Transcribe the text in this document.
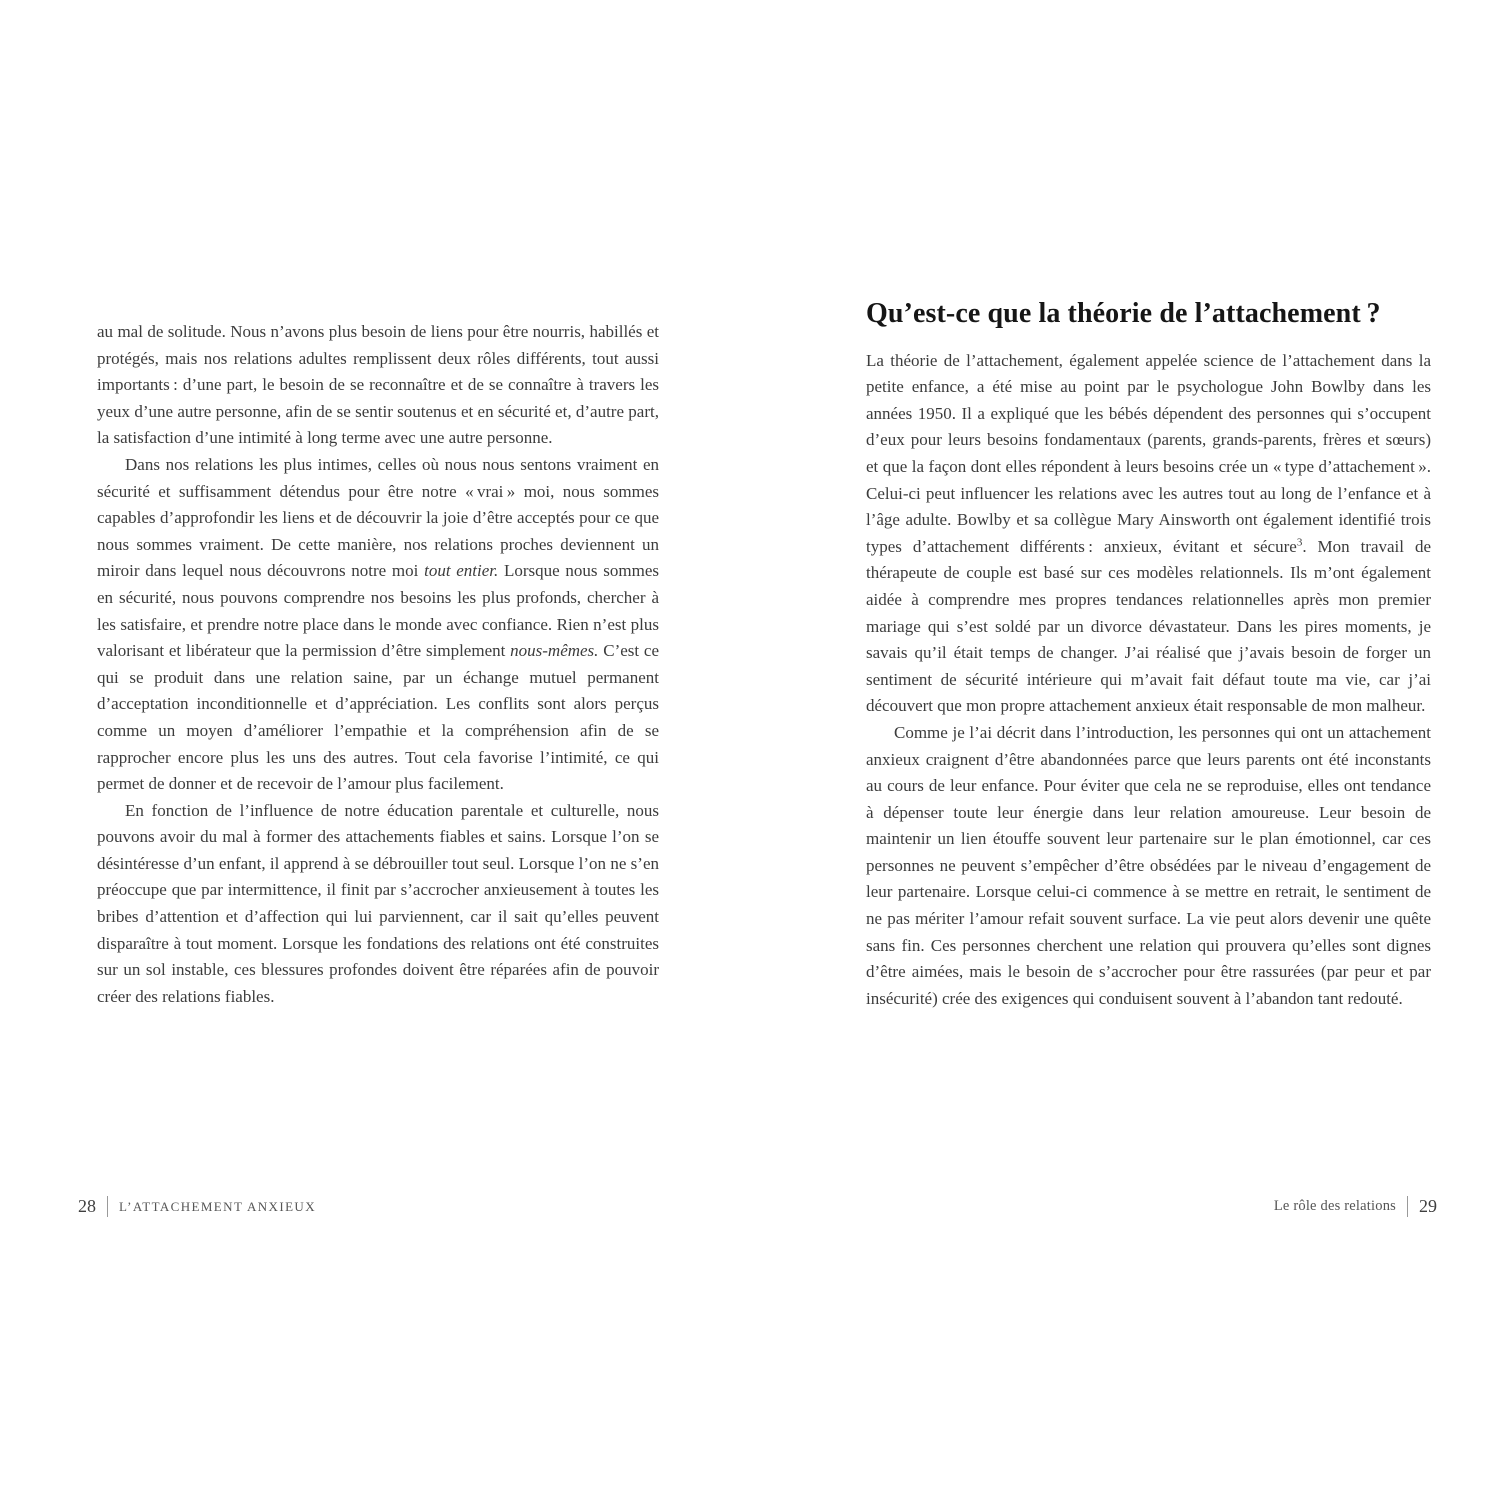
au mal de solitude. Nous n’avons plus besoin de liens pour être nourris, habillés et protégés, mais nos relations adultes remplissent deux rôles différents, tout aussi importants : d’une part, le besoin de se reconnaître et de se connaître à travers les yeux d’une autre personne, afin de se sentir soutenus et en sécurité et, d’autre part, la satisfaction d’une intimité à long terme avec une autre personne.

Dans nos relations les plus intimes, celles où nous nous sentons vraiment en sécurité et suffisamment détendus pour être notre « vrai » moi, nous sommes capables d’approfondir les liens et de découvrir la joie d’être acceptés pour ce que nous sommes vraiment. De cette manière, nos relations proches deviennent un miroir dans lequel nous découvrons notre moi tout entier. Lorsque nous sommes en sécurité, nous pouvons comprendre nos besoins les plus profonds, chercher à les satisfaire, et prendre notre place dans le monde avec confiance. Rien n’est plus valorisant et libérateur que la permission d’être simplement nous-mêmes. C’est ce qui se produit dans une relation saine, par un échange mutuel permanent d’acceptation inconditionnelle et d’appréciation. Les conflits sont alors perçus comme un moyen d’améliorer l’empathie et la compréhension afin de se rapprocher encore plus les uns des autres. Tout cela favorise l’intimité, ce qui permet de donner et de recevoir de l’amour plus facilement.

En fonction de l’influence de notre éducation parentale et culturelle, nous pouvons avoir du mal à former des attachements fiables et sains. Lorsque l’on se désintéresse d’un enfant, il apprend à se débrouiller tout seul. Lorsque l’on ne s’en préoccupe que par intermittence, il finit par s’accrocher anxieusement à toutes les bribes d’attention et d’affection qui lui parviennent, car il sait qu’elles peuvent disparaître à tout moment. Lorsque les fondations des relations ont été construites sur un sol instable, ces blessures profondes doivent être réparées afin de pouvoir créer des relations fiables.

28 L’ATTACHEMENT ANXIEUX
Qu’est-ce que la théorie de l’attachement ?

La théorie de l’attachement, également appelée science de l’attachement dans la petite enfance, a été mise au point par le psychologue John Bowlby dans les années 1950. Il a expliqué que les bébés dépendent des personnes qui s’occupent d’eux pour leurs besoins fondamentaux (parents, grands-parents, frères et sœurs) et que la façon dont elles répondent à leurs besoins crée un « type d’attachement ». Celui-ci peut influencer les relations avec les autres tout au long de l’enfance et à l’âge adulte. Bowlby et sa collègue Mary Ainsworth ont également identifié trois types d’attachement différents : anxieux, évitant et sécure$^3$. Mon travail de thérapeute de couple est basé sur ces modèles relationnels. Ils m’ont également aidée à comprendre mes propres tendances relationnelles après mon premier mariage qui s’est soldé par un divorce dévastateur. Dans les pires moments, je savais qu’il était temps de changer. J’ai réalisé que j’avais besoin de forger un sentiment de sécurité intérieure qui m’avait fait défaut toute ma vie, car j’ai découvert que mon propre attachement anxieux était responsable de mon malheur.

Comme je l’ai décrit dans l’introduction, les personnes qui ont un attachement anxieux craignent d’être abandonnées parce que leurs parents ont été inconstants au cours de leur enfance. Pour éviter que cela ne se reproduise, elles ont tendance à dépenser toute leur énergie dans leur relation amoureuse. Leur besoin de maintenir un lien étouffe souvent leur partenaire sur le plan émotionnel, car ces personnes ne peuvent s’empêcher d’être obsédées par le niveau d’engagement de leur partenaire. Lorsque celui-ci commence à se mettre en retrait, le sentiment de ne pas mériter l’amour refait souvent surface. La vie peut alors devenir une quête sans fin. Ces personnes cherchent une relation qui prouvera qu’elles sont dignes d’être aimées, mais le besoin de s’accrocher pour être rassurées (par peur et par insécurité) crée des exigences qui conduisent souvent à l’abandon tant redouté.

Le rôle des relations 29
